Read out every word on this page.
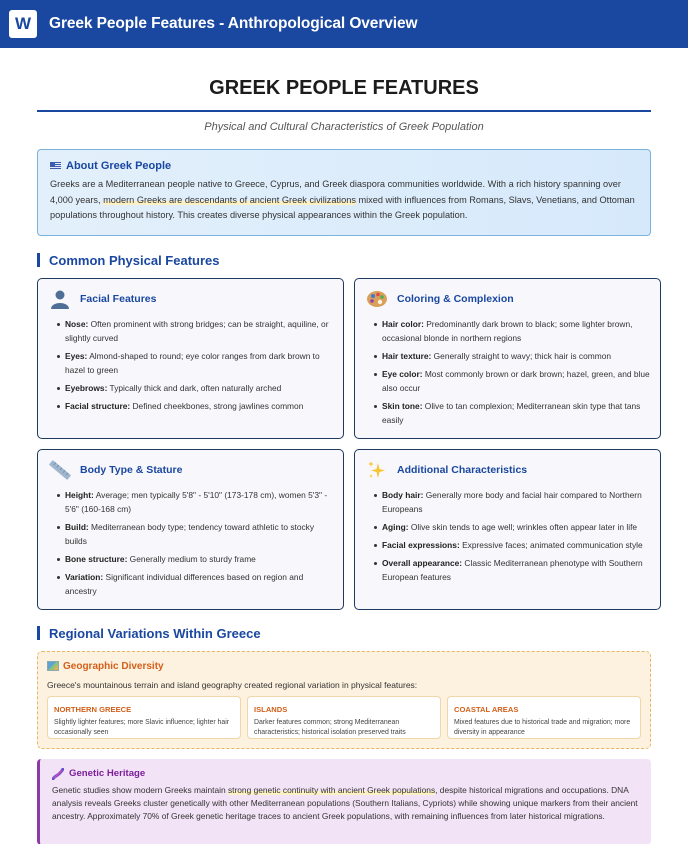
W	Greek People Features - Anthropological Overview
GREEK PEOPLE FEATURES
Physical and Cultural Characteristics of Greek Population
About Greek People
Greeks are a Mediterranean people native to Greece, Cyprus, and Greek diaspora communities worldwide. With a rich history spanning over 4,000 years, modern Greeks are descendants of ancient Greek civilizations mixed with influences from Romans, Slavs, Venetians, and Ottoman populations throughout history. This creates diverse physical appearances within the Greek population.
Common Physical Features
Facial Features
Nose: Often prominent with strong bridges; can be straight, aquiline, or slightly curved
Eyes: Almond-shaped to round; eye color ranges from dark brown to hazel to green
Eyebrows: Typically thick and dark, often naturally arched
Facial structure: Defined cheekbones, strong jawlines common
Coloring & Complexion
Hair color: Predominantly dark brown to black; some lighter brown, occasional blonde in northern regions
Hair texture: Generally straight to wavy; thick hair is common
Eye color: Most commonly brown or dark brown; hazel, green, and blue also occur
Skin tone: Olive to tan complexion; Mediterranean skin type that tans easily
Body Type & Stature
Height: Average; men typically 5'8" - 5'10" (173-178 cm), women 5'3" - 5'6" (160-168 cm)
Build: Mediterranean body type; tendency toward athletic to stocky builds
Bone structure: Generally medium to sturdy frame
Variation: Significant individual differences based on region and ancestry
Additional Characteristics
Body hair: Generally more body and facial hair compared to Northern Europeans
Aging: Olive skin tends to age well; wrinkles often appear later in life
Facial expressions: Expressive faces; animated communication style
Overall appearance: Classic Mediterranean phenotype with Southern European features
Regional Variations Within Greece
Geographic Diversity
Greece's mountainous terrain and island geography created regional variation in physical features:
NORTHERN GREECE
Slightly lighter features; more Slavic influence; lighter hair occasionally seen
ISLANDS
Darker features common; strong Mediterranean characteristics; historical isolation preserved traits
COASTAL AREAS
Mixed features due to historical trade and migration; more diversity in appearance
Genetic Heritage
Genetic studies show modern Greeks maintain strong genetic continuity with ancient Greek populations, despite historical migrations and occupations. DNA analysis reveals Greeks cluster genetically with other Mediterranean populations (Southern Italians, Cypriots) while showing unique markers from their ancient ancestry. Approximately 70% of Greek genetic heritage traces to ancient Greek populations, with remaining influences from later historical migrations.
